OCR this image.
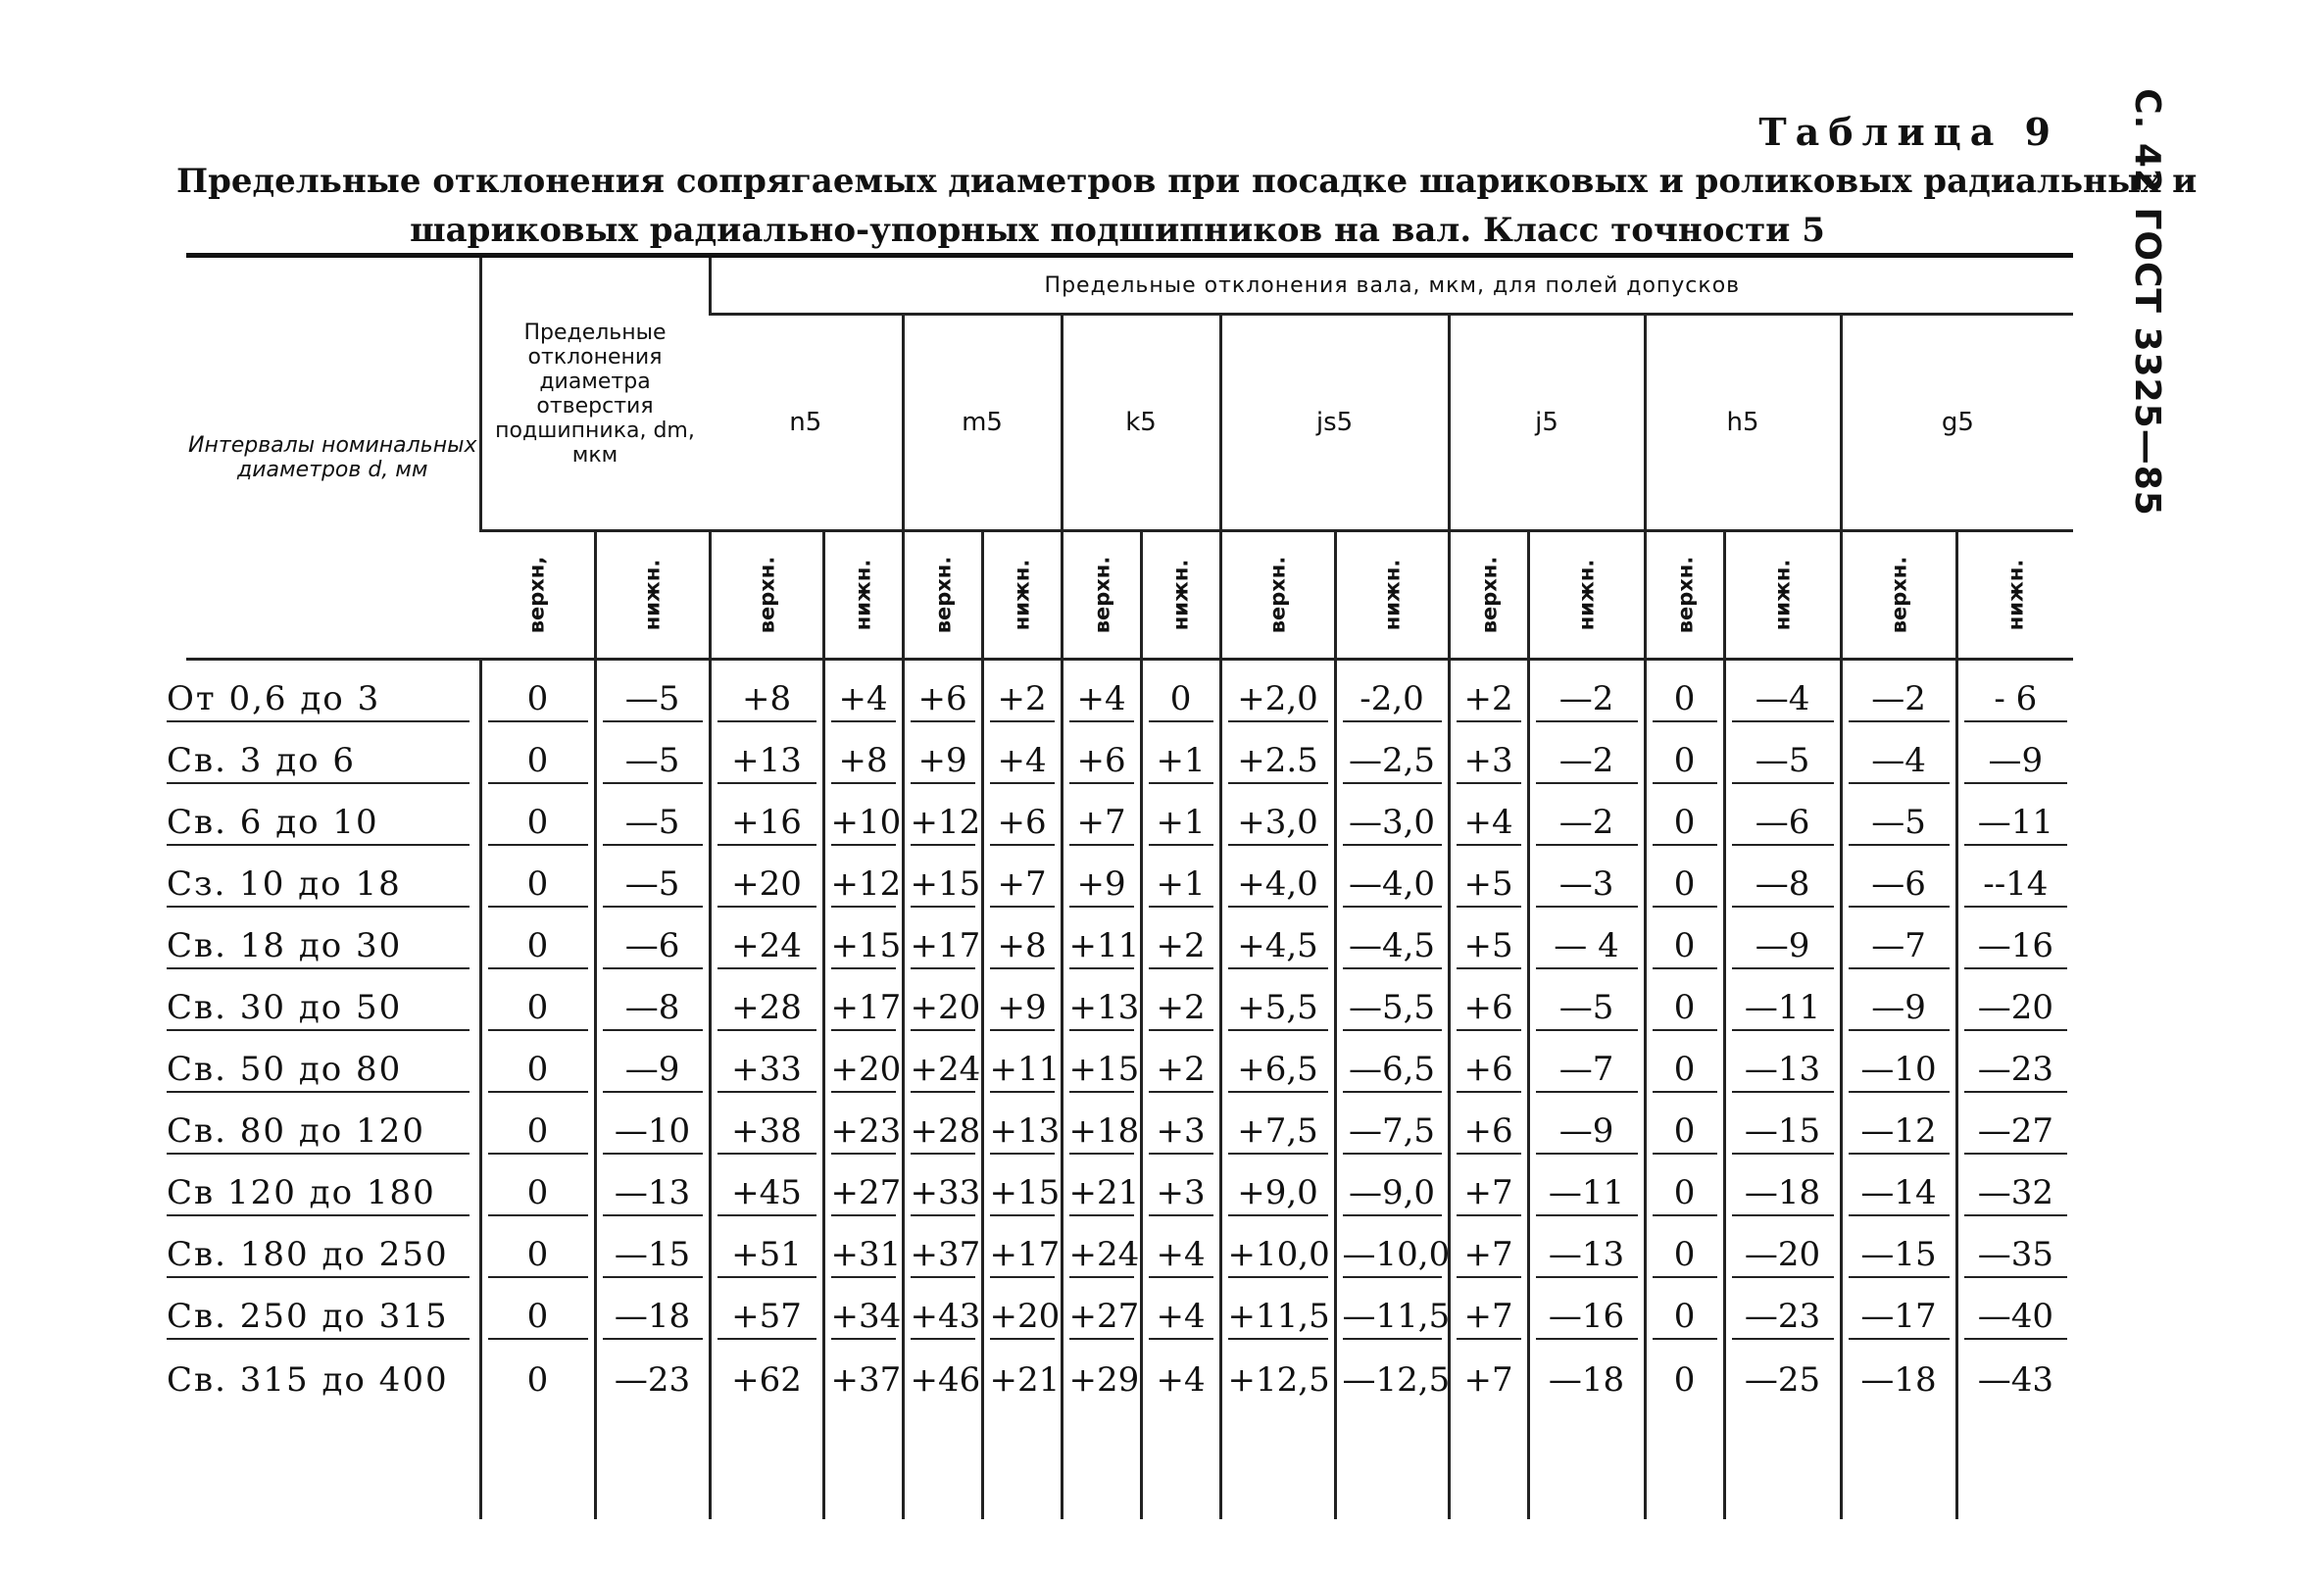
С. 42 ГОСТ 3325—85
Таблица 9
Предельные отклонения сопрягаемых диаметров при посадке шариковых и роликовых радиальных и
шариковых радиально-упорных подшипников на вал. Класс точности 5
Интервалы номинальных диаметров d, мм	Предельные отклонения диаметра отверстия подшипника, dm, мкм		Предельные отклонения вала, мкм, для полей допусков													
			n5		m5		k5		js5		j5		h5		g5	
	верхн,	нижн.	верхн.	нижн.	верхн.	нижн.	верхн.	нижн.	верхн.	нижн.	верхн.	нижн.	верхн.	нижн.	верхн.	нижн.

От 0,6 до 3	0	—5	+8	+4	+6	+2	+4	0	+2,0	-2,0	+2	—2	0	—4	—2	- 6

Св. 3 до 6	0	—5	+13	+8	+9	+4	+6	+1	+2.5	—2,5	+3	—2	0	—5	—4	—9

Св. 6 до 10	0	—5	+16	+10	+12	+6	+7	+1	+3,0	—3,0	+4	—2	0	—6	—5	—11

Сз. 10 до 18	0	—5	+20	+12	+15	+7	+9	+1	+4,0	—4,0	+5	—3	0	—8	—6	--14

Св. 18 до 30	0	—6	+24	+15	+17	+8	+11	+2	+4,5	—4,5	+5	— 4	0	—9	—7	—16

Св. 30 до 50	0	—8	+28	+17	+20	+9	+13	+2	+5,5	—5,5	+6	—5	0	—11	—9	—20

Св. 50 до 80	0	—9	+33	+20	+24	+11	+15	+2	+6,5	—6,5	+6	—7	0	—13	—10	—23

Св. 80 до 120	0	—10	+38	+23	+28	+13	+18	+3	+7,5	—7,5	+6	—9	0	—15	—12	—27

Св 120 до 180	0	—13	+45	+27	+33	+15	+21	+3	+9,0	—9,0	+7	—11	0	—18	—14	—32

Св. 180 до 250	0	—15	+51	+31	+37	+17	+24	+4	+10,0	—10,0	+7	—13	0	—20	—15	—35

Св. 250 до 315	0	—18	+57	+34	+43	+20	+27	+4	+11,5	—11,5	+7	—16	0	—23	—17	—40

Св. 315 до 400	0	—23	+62	+37	+46	+21	+29	+4	+12,5	—12,5	+7	—18	0	—25	—18	—43
